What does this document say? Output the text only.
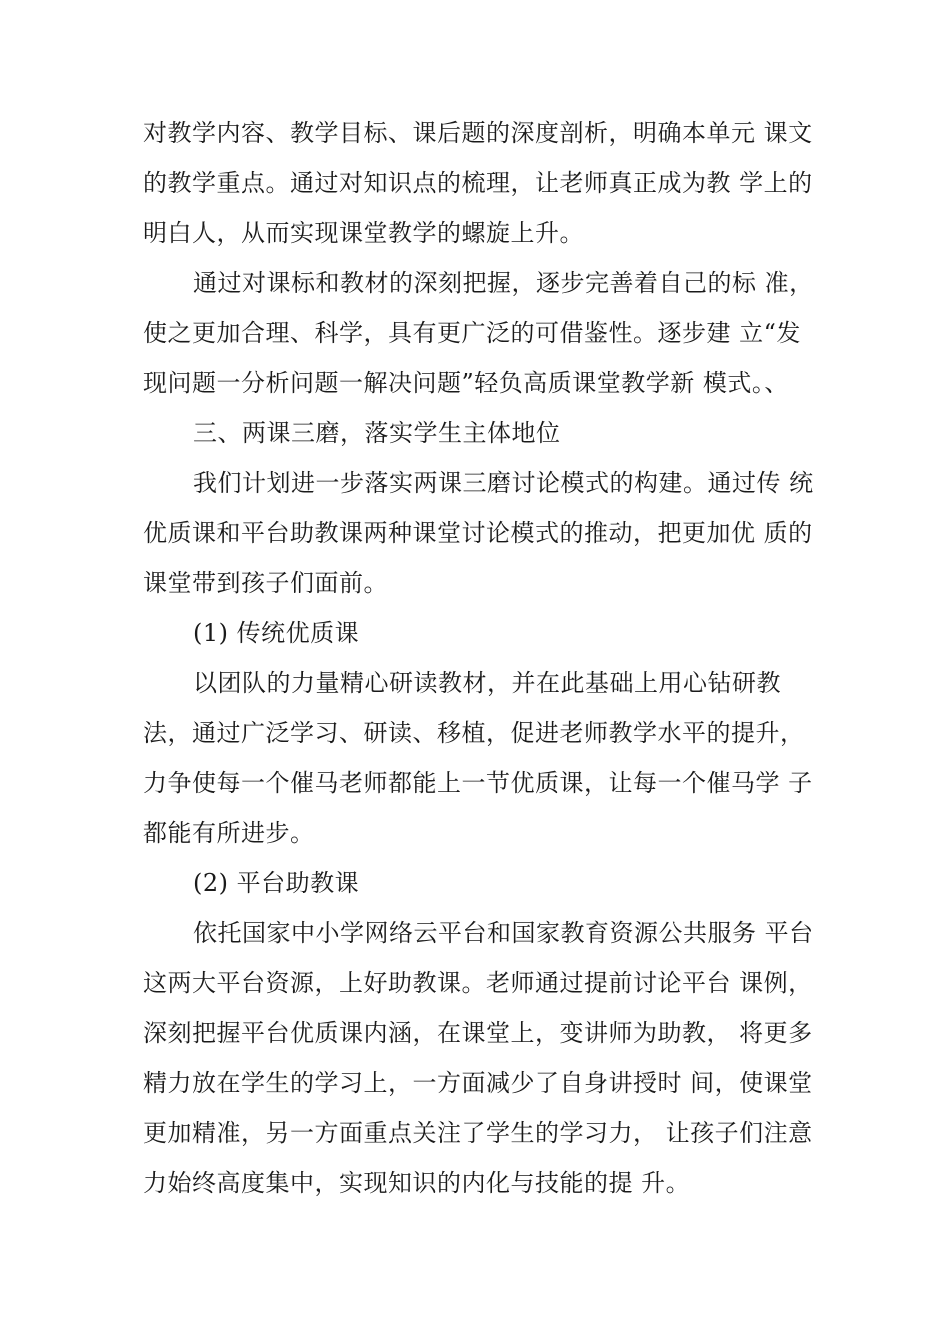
对教学内容、教学目标、课后题的深度剖析，明确本单元 课文
的教学重点。通过对知识点的梳理，让老师真正成为教 学上的
明白人，从而实现课堂教学的螺旋上升。
通过对课标和教材的深刻把握，逐步完善着自己的标 准，
使之更加合理、科学，具有更广泛的可借鉴性。逐步建 立“发
现问题一分析问题一解决问题”轻负高质课堂教学新 模式。、
三、两课三磨，落实学生主体地位
我们计划进一步落实两课三磨讨论模式的构建。通过传 统
优质课和平台助教课两种课堂讨论模式的推动，把更加优 质的
课堂带到孩子们面前。
(1) 传统优质课
以团队的力量精心研读教材，并在此基础上用心钻研教
法，通过广泛学习、研读、移植，促进老师教学水平的提升，
力争使每一个催马老师都能上一节优质课，让每一个催马学 子
都能有所进步。
(2) 平台助教课
依托国家中小学网络云平台和国家教育资源公共服务 平台
这两大平台资源，上好助教课。老师通过提前讨论平台 课例，
深刻把握平台优质课内涵，在课堂上，变讲师为助教， 将更多
精力放在学生的学习上，一方面减少了自身讲授时 间，使课堂
更加精准，另一方面重点关注了学生的学习力， 让孩子们注意
力始终高度集中，实现知识的内化与技能的提 升。
